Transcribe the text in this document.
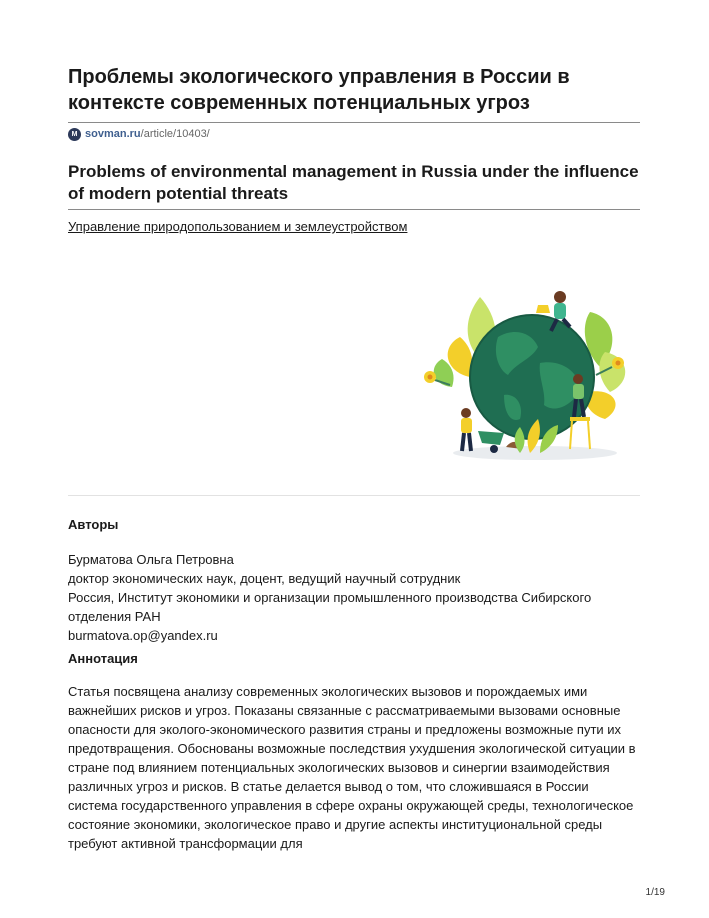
Проблемы экологического управления в России в контексте современных потенциальных угроз
M sovman.ru /article/10403/
Problems of environmental management in Russia under the influence of modern potential threats
Управление природопользованием и землеустройством
Авторы
Бурматова Ольга Петровна
доктор экономических наук, доцент, ведущий научный сотрудник
Россия, Институт экономики и организации промышленного производства Сибирского отделения РАН
burmatova.op@yandex.ru
Аннотация

Статья посвящена анализу современных экологических вызовов и порождаемых ими важнейших рисков и угроз. Показаны связанные с рассматриваемыми вызовами основные опасности для эколого-экономического развития страны и предложены возможные пути их предотвращения. Обоснованы возможные последствия ухудшения экологической ситуации в стране под влиянием потенциальных экологических вызовов и синергии взаимодействия различных угроз и рисков. В статье делается вывод о том, что сложившаяся в России система государственного управления в сфере охраны окружающей среды, технологическое состояние экономики, экологическое право и другие аспекты институциональной среды требуют активной трансформации для

1/19
